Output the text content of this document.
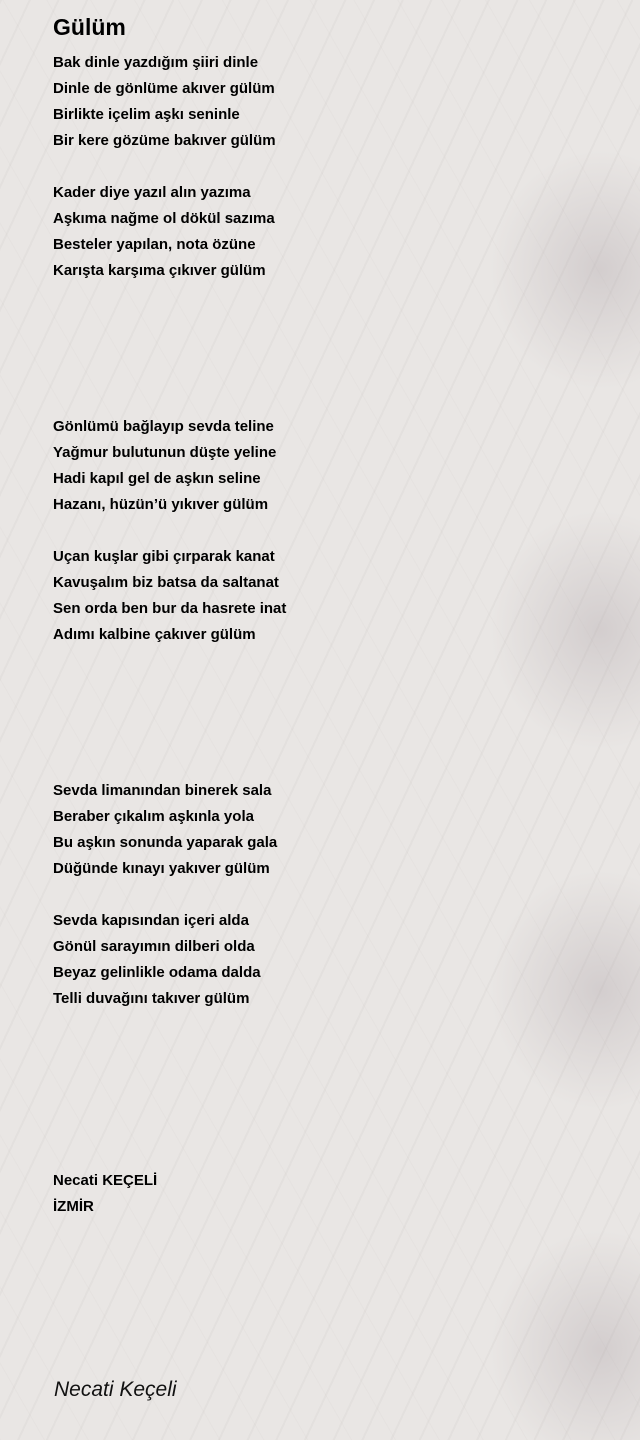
Gülüm
Bak dinle yazdığım şiiri dinle
Dinle de gönlüme akıver gülüm
Birlikte içelim aşkı seninle
Bir kere gözüme bakıver gülüm
Kader diye yazıl alın yazıma
Aşkıma nağme ol dökül sazıma
Besteler yapılan, nota özüne
Karışta karşıma çıkıver gülüm
Gönlümü bağlayıp sevda teline
Yağmur bulutunun düşte yeline
Hadi kapıl gel de aşkın seline
Hazanı, hüzün’ü yıkıver gülüm
Uçan kuşlar gibi çırparak kanat
Kavuşalım biz batsa da saltanat
Sen orda ben bur da hasrete inat
Adımı kalbine çakıver gülüm
Sevda limanından binerek sala
Beraber çıkalım aşkınla yola
Bu aşkın sonunda yaparak gala
Düğünde kınayı yakıver gülüm
Sevda kapısından içeri alda
Gönül sarayımın dilberi olda
Beyaz gelinlikle odama dalda
Telli duvağını takıver gülüm
Necati KEÇELİ
İZMİR
Necati Keçeli
